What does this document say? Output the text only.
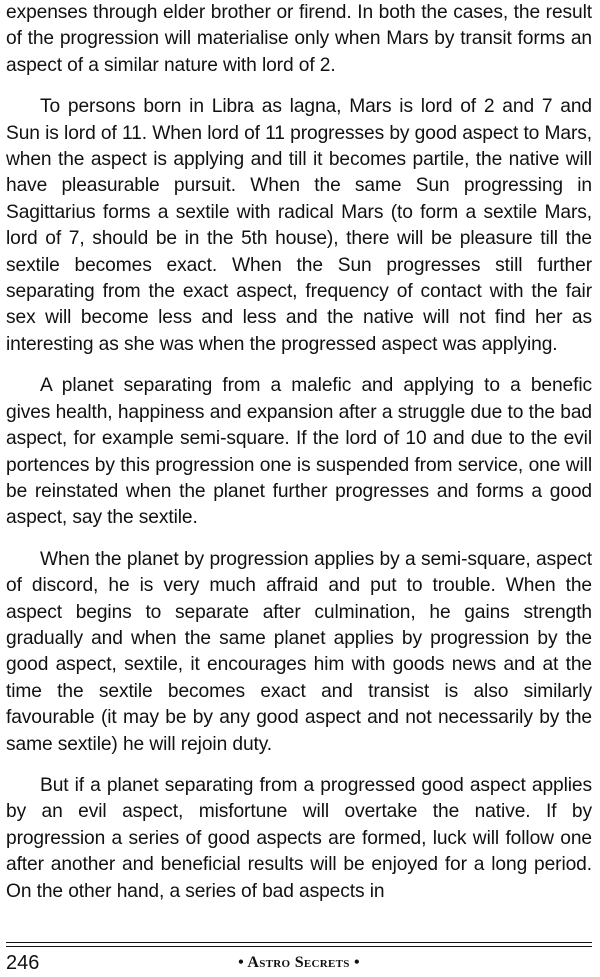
expenses through elder brother or firend. In both the cases, the result of the progression will materialise only when Mars by transit forms an aspect of a similar nature with lord of 2.

To persons born in Libra as lagna, Mars is lord of 2 and 7 and Sun is lord of 11. When lord of 11 progresses by good aspect to Mars, when the aspect is applying and till it becomes partile, the native will have pleasurable pursuit. When the same Sun progressing in Sagittarius forms a sextile with radical Mars (to form a sextile Mars, lord of 7, should be in the 5th house), there will be pleasure till the sextile becomes exact. When the Sun progresses still further separating from the exact aspect, frequency of contact with the fair sex will become less and less and the native will not find her as interesting as she was when the progressed aspect was applying.

A planet separating from a malefic and applying to a benefic gives health, happiness and expansion after a struggle due to the bad aspect, for example semi-square. If the lord of 10 and due to the evil portences by this progression one is suspended from service, one will be reinstated when the planet further progresses and forms a good aspect, say the sextile.

When the planet by progression applies by a semi-square, aspect of discord, he is very much affraid and put to trouble. When the aspect begins to separate after culmination, he gains strength gradually and when the same planet applies by progression by the good aspect, sextile, it encourages him with goods news and at the time the sextile becomes exact and transist is also similarly favourable (it may be by any good aspect and not necessarily by the same sextile) he will rejoin duty.

But if a planet separating from a progressed good aspect applies by an evil aspect, misfortune will overtake the native. If by progression a series of good aspects are formed, luck will follow one after another and beneficial results will be enjoyed for a long period. On the other hand, a series of bad aspects in

246	• Astro Secrets •
